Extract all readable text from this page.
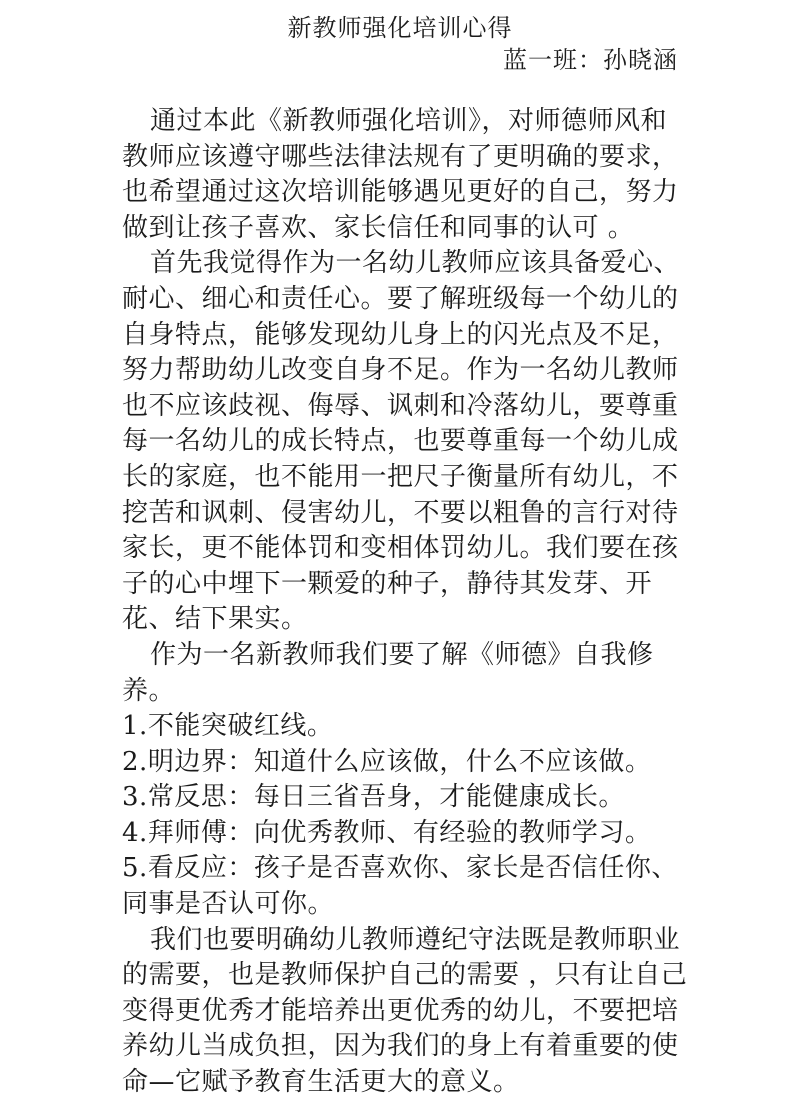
新教师强化培训心得
蓝一班：孙晓涵

通过本此《新教师强化培训》，对师德师风和教师应该遵守哪些法律法规有了更明确的要求，也希望通过这次培训能够遇见更好的自己，努力做到让孩子喜欢、家长信任和同事的认可 。

首先我觉得作为一名幼儿教师应该具备爱心、耐心、细心和责任心。要了解班级每一个幼儿的自身特点，能够发现幼儿身上的闪光点及不足，努力帮助幼儿改变自身不足。作为一名幼儿教师也不应该歧视、侮辱、讽刺和冷落幼儿，要尊重每一名幼儿的成长特点，也要尊重每一个幼儿成长的家庭，也不能用一把尺子衡量所有幼儿，不挖苦和讽刺、侵害幼儿，不要以粗鲁的言行对待家长，更不能体罚和变相体罚幼儿。我们要在孩子的心中埋下一颗爱的种子，静待其发芽、开花、结下果实。

作为一名新教师我们要了解《师德》自我修养。

1.不能突破红线。
2.明边界：知道什么应该做，什么不应该做。
3.常反思：每日三省吾身，才能健康成长。
4.拜师傅：向优秀教师、有经验的教师学习。
5.看反应：孩子是否喜欢你、家长是否信任你、同事是否认可你。

我们也要明确幼儿教师遵纪守法既是教师职业的需要，也是教师保护自己的需要 ，只有让自己变得更优秀才能培养出更优秀的幼儿，不要把培养幼儿当成负担，因为我们的身上有着重要的使命—它赋予教育生活更大的意义。
